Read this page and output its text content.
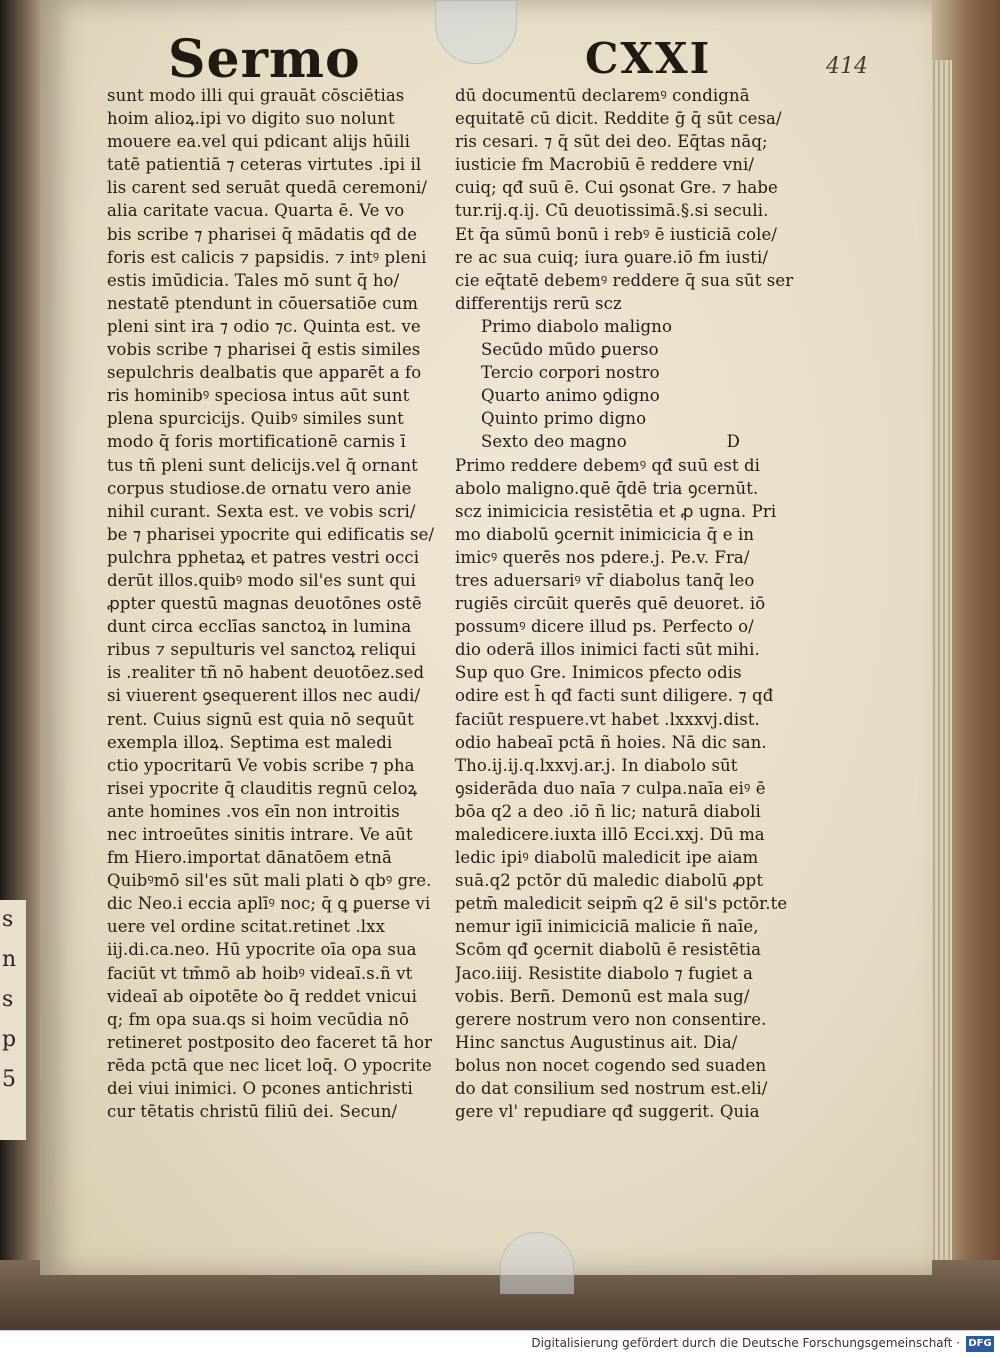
s
n
s
p
5
Sermo	CXXI	414
sunt modo illi qui grauāt cōsciētias
hoim alioꝝ.ipi vo digito suo nolunt
mouere ea.vel qui pdicant alijs hūili
tatē patientiā ⁊ ceteras virtutes .ipi il
lis carent sed seruāt quedā ceremoni/
alia caritate vacua. Quarta ē. Ve vo
bis scribe ⁊ pharisei q̄ mādatis qđ de
foris est calicis ⁊ papsidis. ⁊ intꝰ pleni
estis imūdicia. Tales mō sunt q̄ ho/
nestatē ptendunt in cōuersatiōe cum
pleni sint ira ⁊ odio ⁊c. Quinta est. ve
vobis scribe ⁊ pharisei q̄ estis similes
sepulchris dealbatis que apparēt a fo
ris hominibꝰ speciosa intus aūt sunt
plena spurcicijs. Quibꝰ similes sunt
modo q̄ foris mortificationē carnis ī
tus tñ pleni sunt delicijs.vel q̄ ornant
corpus studiose.de ornatu vero anie
nihil curant. Sexta est. ve vobis scri/
be ⁊ pharisei ypocrite qui edificatis se/
pulchra pphetaꝝ et patres vestri occi
derūt illos.quibꝰ modo sil'es sunt qui
ꝓpter questū magnas deuotōnes ostē
dunt circa ecclīas sanctoꝝ in lumina
ribus ⁊ sepulturis vel sanctoꝝ reliqui
is .realiter tñ nō habent deuotōez.sed
si viuerent ꝯsequerent illos nec audi/
rent. Cuius signū est quia nō sequūt
exempla illoꝝ. Septima est maledi
ctio ypocritarū Ve vobis scribe ⁊ pha
risei ypocrite q̄ clauditis regnū celoꝝ
ante homines .vos eīn non introitis
nec introeūtes sinitis intrare. Ve aūt
fm Hiero.importat dānatōem etnā
Quibꝰmō sil'es sūt mali plati ꝺ qbꝰ gre.
dic Neo.i eccia aplīꝰ noc; q̄ ꝗ ꝑuerse vi
uere vel ordine scitat.retinet .lxx
iij.di.ca.neo. Hū ypocrite oīa opa sua
faciūt vt tm̄mō ab hoibꝰ videaī.s.ñ vt
videaī ab oipotēte ꝺo q̄ reddet vnicui
q; fm opa sua.qs si hoim vecūdia nō
retineret postposito deo faceret tā hor
rēda pctā que nec licet loq̄. O ypocrite
dei viui inimici. O pcones antichristi
cur tētatis christū filiū dei. Secun/
dū documentū declaremꝰ condignā
equitatē cū dicit. Reddite ḡ q̄ sūt cesa/
ris cesari. ⁊ q̄ sūt dei deo. Eq̄tas nāq;
iusticie fm Macrobiū ē reddere vni/
cuiq; qđ suū ē. Cui ꝯsonat Gre. ⁊ habe
tur.rij.q.ij. Cū deuotissimā.§.si seculi.
Et q̄a sūmū bonū i rebꝰ ē iusticiā cole/
re ac sua cuiq; iura ꝯuare.iō fm iusti/
cie eq̄tatē debemꝰ reddere q̄ sua sūt ser
differentijs rerū scz
Primo diabolo maligno
Secūdo mūdo ꝑuerso
Tercio corpori nostro
Quarto animo ꝯdigno
Quinto primo digno
Sexto deo magno	D
Primo reddere debemꝰ qđ suū est di
abolo maligno.quē q̄dē tria ꝯcernūt.
scz inimicicia resistētia et ꝓ ugna. Pri
mo diabolū ꝯcernit inimicicia q̄ e in
imicꝰ querēs nos pdere.j. Pe.v. Fra/
tres aduersariꝰ vr̄ diabolus tanq̄ leo
rugiēs circūit querēs quē deuoret. iō
possumꝰ dicere illud ps. Perfecto o/
dio oderā illos inimici facti sūt mihi.
Sup quo Gre. Inimicos pfecto odis
odire est h̄ qđ facti sunt diligere. ⁊ qđ
faciūt respuere.vt habet .lxxxvj.dist.
odio habeaī pctā ñ hoies. Nā dic san.
Tho.ij.ij.q.lxxvj.ar.j. In diabolo sūt
ꝯsiderāda duo naīa ⁊ culpa.naīa eiꝰ ē
bōa q2 a deo .iō ñ lic; naturā diaboli
maledicere.iuxta illō Ecci.xxj. Dū ma
ledic ipiꝰ diabolū maledicit ipe aiam
suā.q2 pctōr dū maledic diabolū ꝓpt
petm̄ maledicit seipm̄ q2 ē sil's pctōr.te
nemur igiī inimiciciā malicie ñ naīe,
Scōm qđ ꝯcernit diabolū ē resistētia
Jaco.iiij. Resistite diabolo ⁊ fugiet a
vobis. Berñ. Demonū est mala sug/
gerere nostrum vero non consentire.
Hinc sanctus Augustinus ait. Dia/
bolus non nocet cogendo sed suaden
do dat consilium sed nostrum est.eli/
gere vl' repudiare qđ suggerit. Quia
Digitalisierung gefördert durch die Deutsche Forschungsgemeinschaft · DFG
